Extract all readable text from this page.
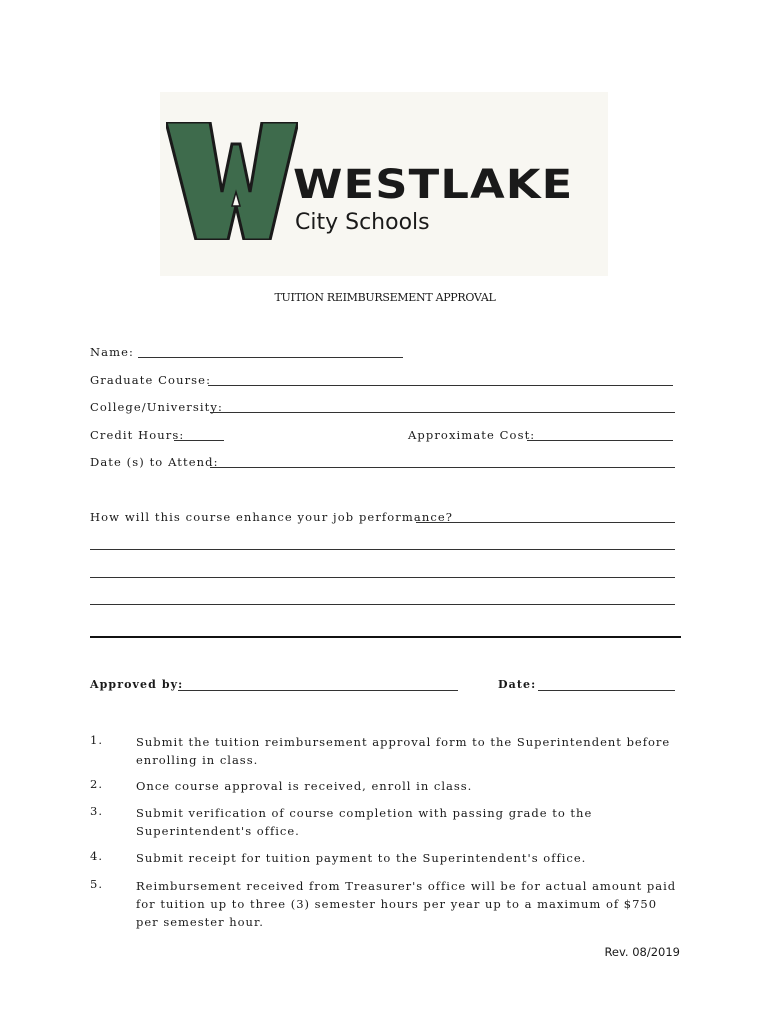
WESTLAKE
City Schools
TUITION REIMBURSEMENT APPROVAL
Name:
Graduate Course:
College/University:
Credit Hours:	Approximate Cost:
Date (s) to Attend:
How will this course enhance your job performance?
Approved by:	Date:
1.	Submit the tuition reimbursement approval form to the Superintendent before enrolling in class.
2.	Once course approval is received, enroll in class.
3.	Submit verification of course completion with passing grade to the Superintendent's office.
4.	Submit receipt for tuition payment to the Superintendent's office.
5.	Reimbursement received from Treasurer's office will be for actual amount paid for tuition up to three (3) semester hours per year up to a maximum of $750 per semester hour.
Rev. 08/2019
